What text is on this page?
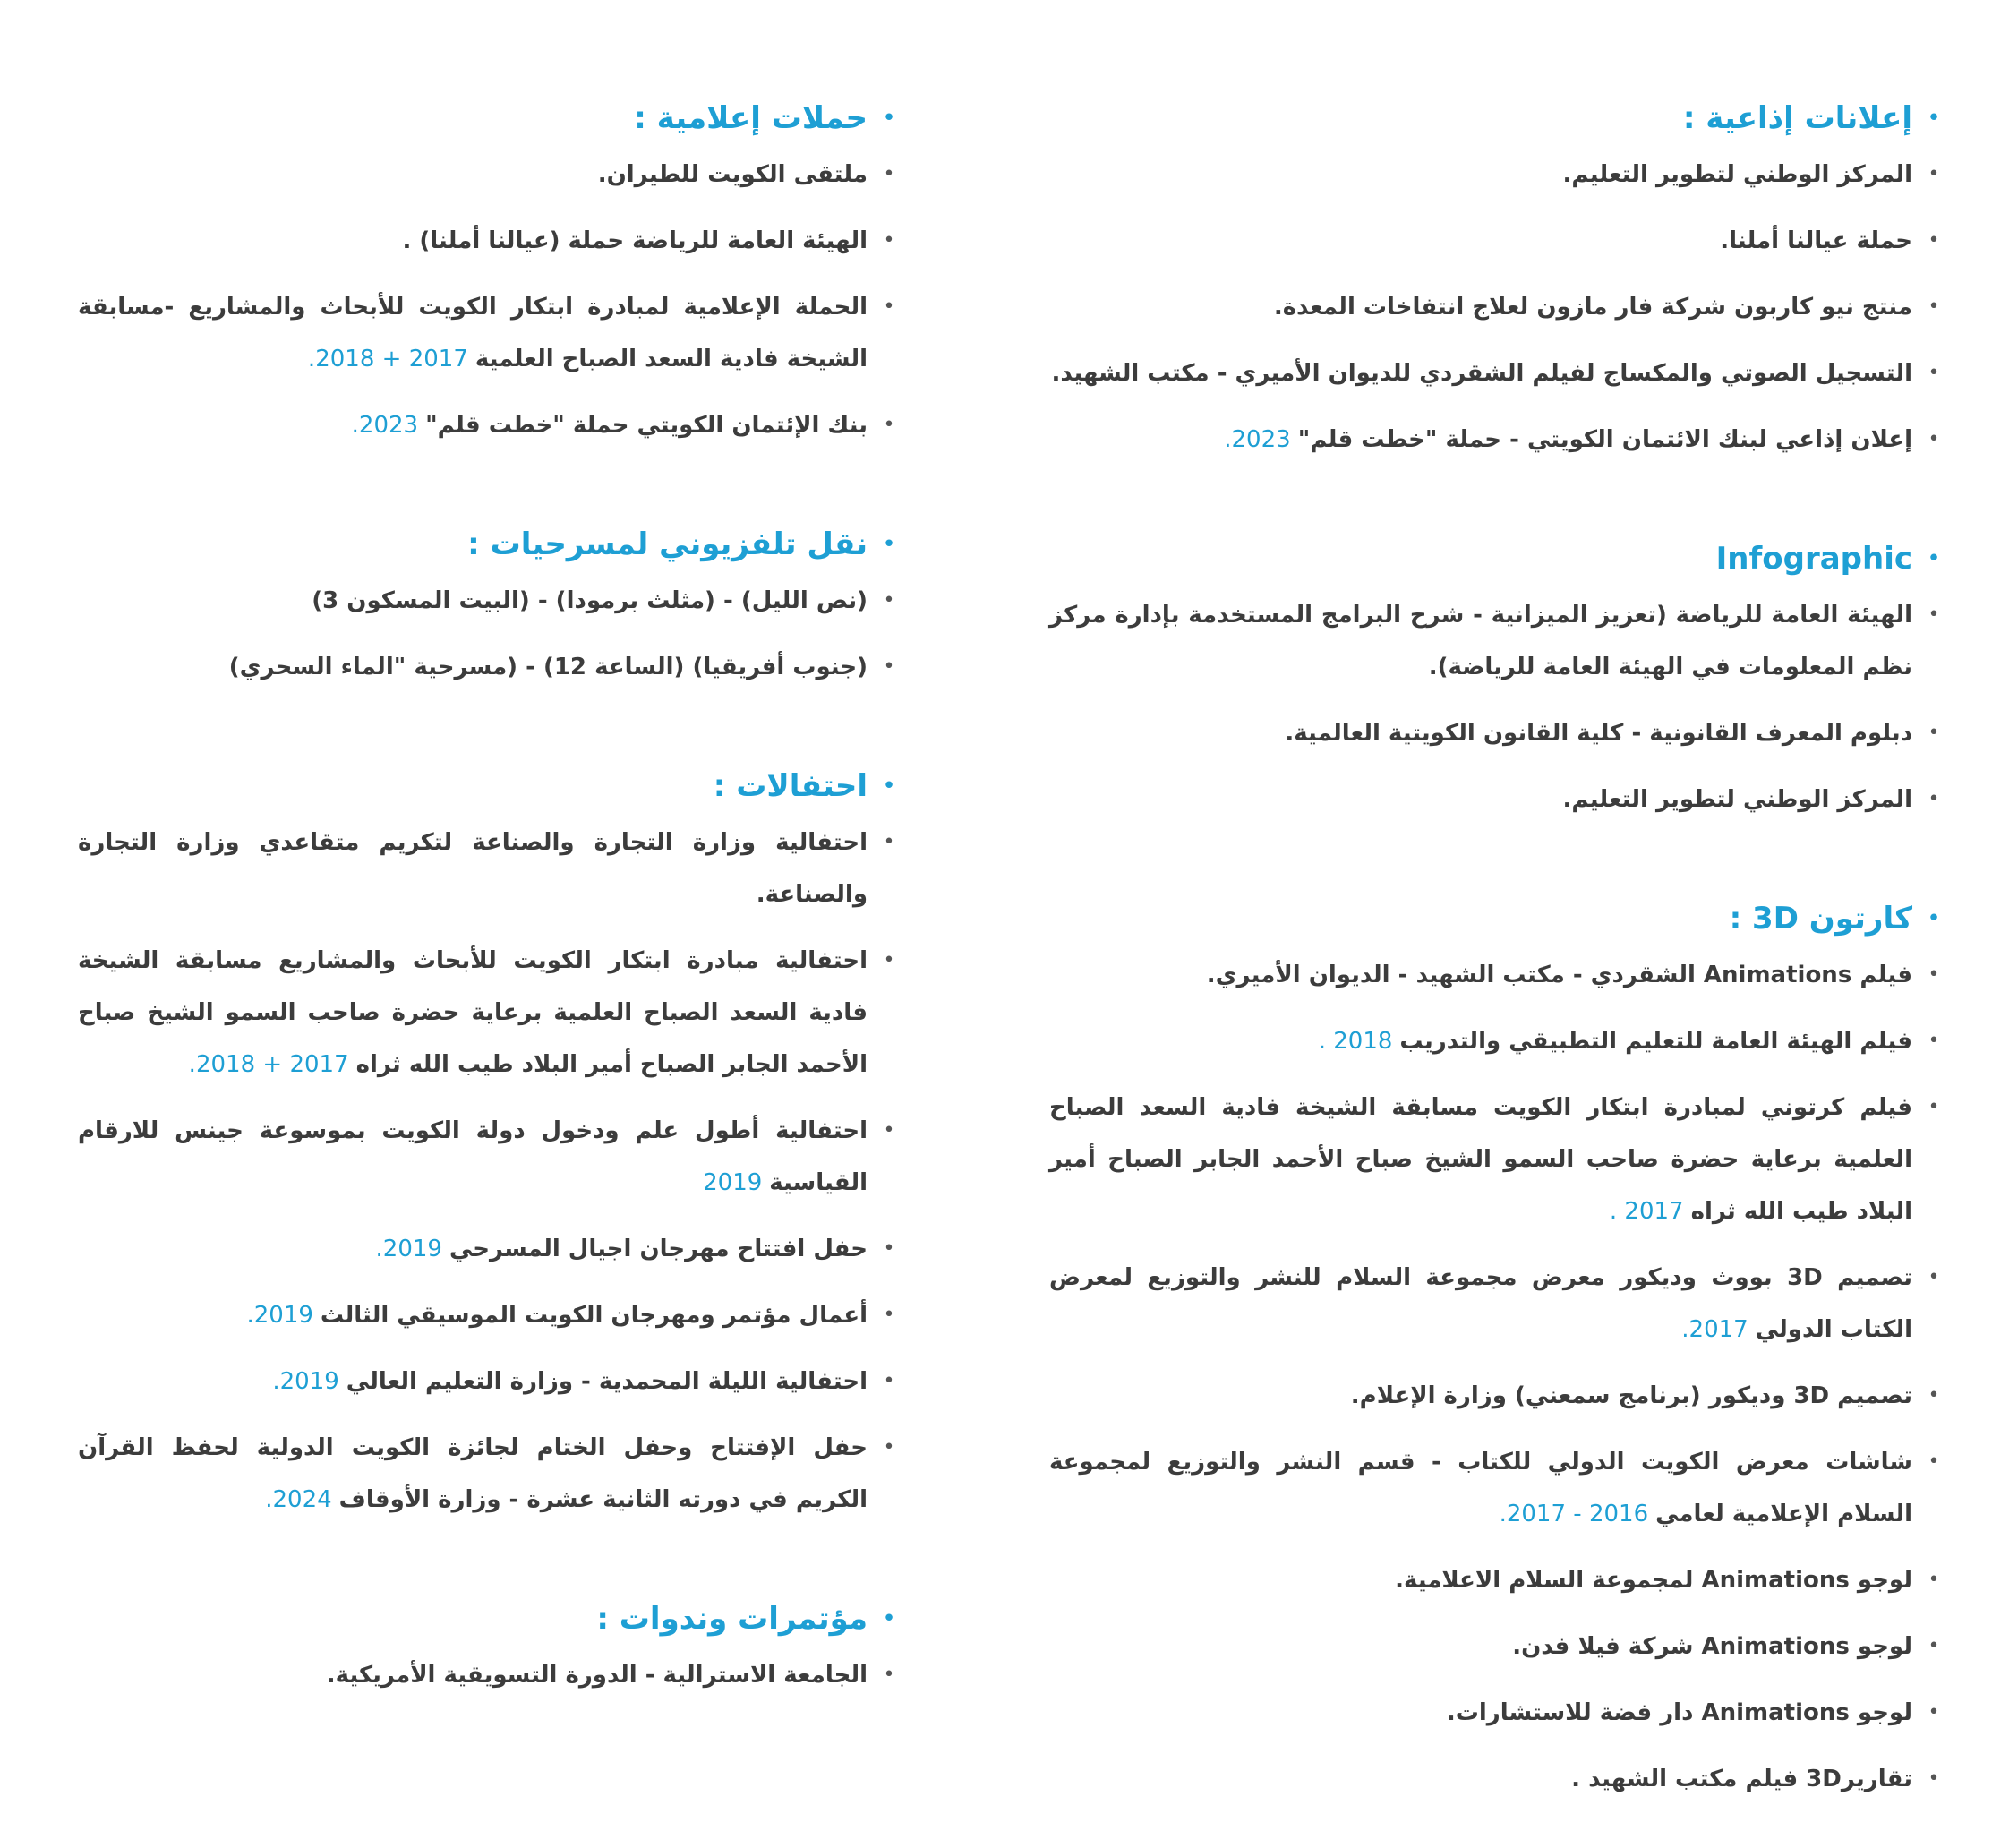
•
إعلانات إذاعية :
•
المركز الوطني لتطوير التعليم.
•
حملة عيالنا أملنا.
•
منتج نيو كاربون شركة فار مازون لعلاج انتفاخات المعدة.
•
التسجيل الصوتي والمكساج لفيلم الشقردي للديوان الأميري - مكتب الشهيد.
•
إعلان إذاعي لبنك الائتمان الكويتي - حملة "خطت قلم"2023.
•
Infographic
•
الهيئة العامة للرياضة (تعزيز الميزانية - شرح البرامج المستخدمة بإدارة مركز نظم المعلومات في الهيئة العامة للرياضة).
•
دبلوم المعرف القانونية - كلية القانون الكويتية العالمية.
•
المركز الوطني لتطوير التعليم.
•
كارتون 3D :
•
فيلم Animations الشقردي - مكتب الشهيد - الديوان الأميري.
•
فيلم الهيئة العامة للتعليم التطبيقي والتدريب2018 .
•
فيلم كرتوني لمبادرة ابتكار الكويت مسابقة الشيخة فادية السعد الصباح العلمية برعاية حضرة صاحب السمو الشيخ صباح الأحمد الجابر الصباح أمير البلاد طيب الله ثراه2017 .
•
تصميم 3D بووث وديكور معرض مجموعة السلام للنشر والتوزيع لمعرض الكتاب الدولي2017.
•
تصميم 3D وديكور (برنامج سمعني) وزارة الإعلام.
•
شاشات معرض الكويت الدولي للكتاب - قسم النشر والتوزيع لمجموعة السلام الإعلامية لعامي2016 - 2017.
•
لوجو Animations لمجموعة السلام الاعلامية.
•
لوجو Animations شركة فيلا فدن.
•
لوجو Animations دار فضة للاستشارات.
•
تقارير3D فيلم مكتب الشهيد .
•
حملات إعلامية :
•
ملتقى الكويت للطيران.
•
الهيئة العامة للرياضة حملة (عيالنا أملنا) .
•
الحملة الإعلامية لمبادرة ابتكار الكويت للأبحاث والمشاريع -مسابقة الشيخة فادية السعد الصباح العلمية2017 + 2018.
•
بنك الإئتمان الكويتي حملة "خطت قلم"2023.
•
نقل تلفزيوني لمسرحيات :
•
(نص الليل) - (مثلث برمودا) - (البيت المسكون 3)
•
(جنوب أفريقيا) (الساعة 12) - (مسرحية "الماء السحري)
•
احتفالات :
•
احتفالية وزارة التجارة والصناعة لتكريم متقاعدي وزارة التجارة والصناعة.
•
احتفالية مبادرة ابتكار الكويت للأبحاث والمشاريع مسابقة الشيخة فادية السعد الصباح العلمية برعاية حضرة صاحب السمو الشيخ صباح الأحمد الجابر الصباح أمير البلاد طيب الله ثراه2017 + 2018.
•
احتفالية أطول علم ودخول دولة الكويت بموسوعة جينس للارقام القياسية2019
•
حفل افتتاح مهرجان اجيال المسرحي2019.
•
أعمال مؤتمر ومهرجان الكويت الموسيقي الثالث2019.
•
احتفالية الليلة المحمدية - وزارة التعليم العالي2019.
•
حفل الإفتتاح وحفل الختام لجائزة الكويت الدولية لحفظ القرآن الكريم في دورته الثانية عشرة - وزارة الأوقاف2024.
•
مؤتمرات وندوات :
•
الجامعة الاسترالية - الدورة التسويقية الأمريكية.
